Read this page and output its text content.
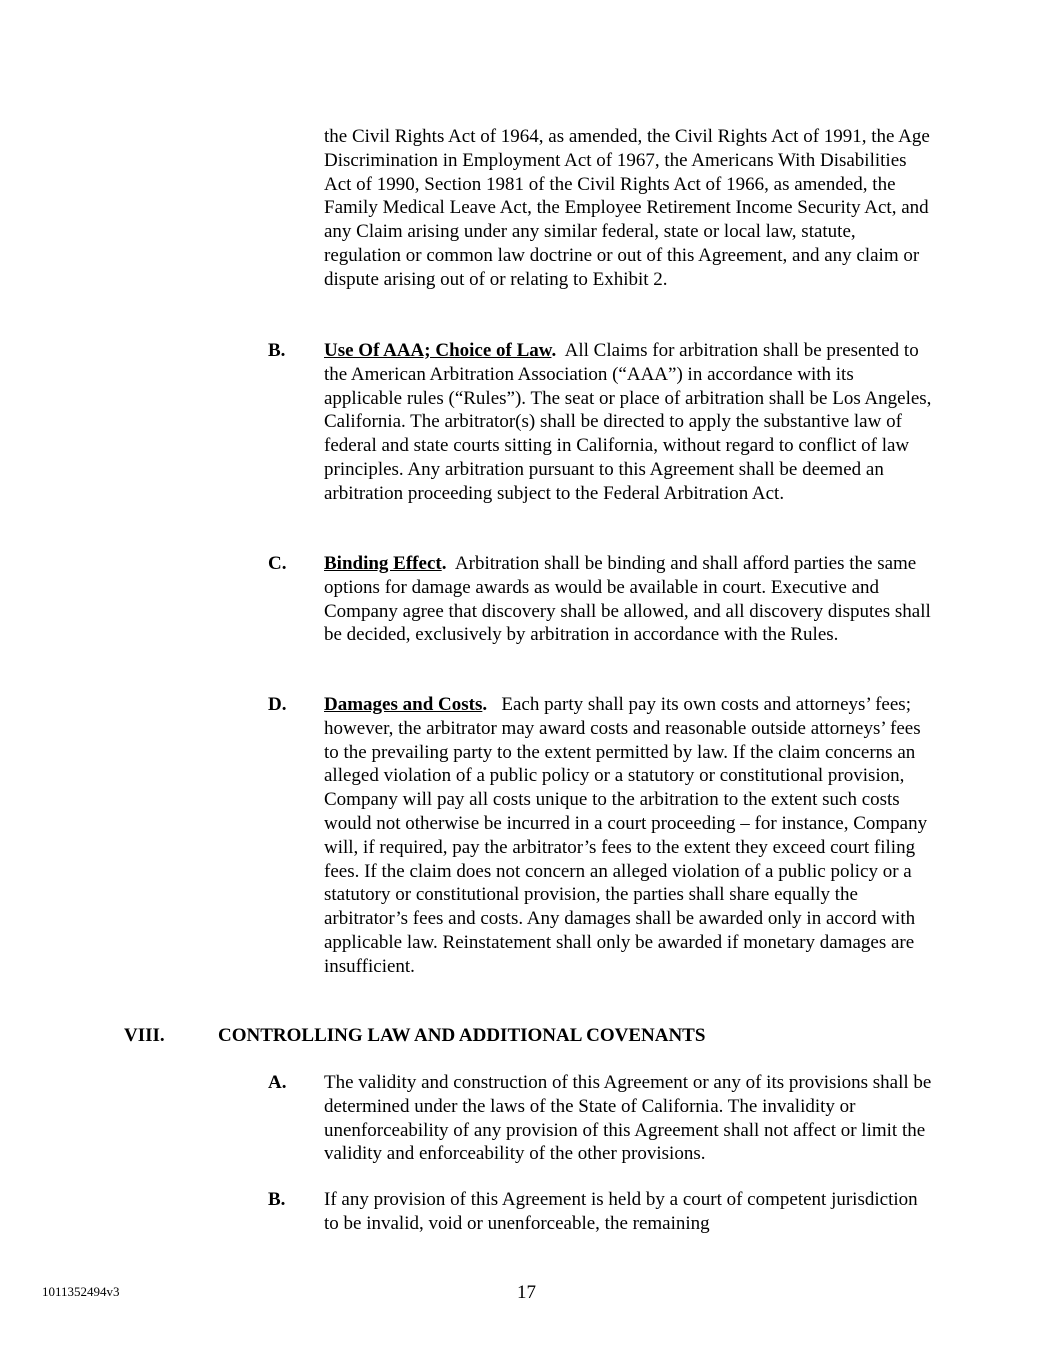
the Civil Rights Act of 1964, as amended, the Civil Rights Act of 1991, the Age Discrimination in Employment Act of 1967, the Americans With Disabilities Act of 1990, Section 1981 of the Civil Rights Act of 1966, as amended, the Family Medical Leave Act, the Employee Retirement Income Security Act, and any Claim arising under any similar federal, state or local law, statute, regulation or common law doctrine or out of this Agreement, and any claim or dispute arising out of or relating to Exhibit 2.
B. Use Of AAA; Choice of Law. All Claims for arbitration shall be presented to the American Arbitration Association (“AAA”) in accordance with its applicable rules (“Rules”). The seat or place of arbitration shall be Los Angeles, California. The arbitrator(s) shall be directed to apply the substantive law of federal and state courts sitting in California, without regard to conflict of law principles. Any arbitration pursuant to this Agreement shall be deemed an arbitration proceeding subject to the Federal Arbitration Act.
C. Binding Effect. Arbitration shall be binding and shall afford parties the same options for damage awards as would be available in court. Executive and Company agree that discovery shall be allowed, and all discovery disputes shall be decided, exclusively by arbitration in accordance with the Rules.
D. Damages and Costs. Each party shall pay its own costs and attorneys’ fees; however, the arbitrator may award costs and reasonable outside attorneys’ fees to the prevailing party to the extent permitted by law. If the claim concerns an alleged violation of a public policy or a statutory or constitutional provision, Company will pay all costs unique to the arbitration to the extent such costs would not otherwise be incurred in a court proceeding – for instance, Company will, if required, pay the arbitrator’s fees to the extent they exceed court filing fees. If the claim does not concern an alleged violation of a public policy or a statutory or constitutional provision, the parties shall share equally the arbitrator’s fees and costs. Any damages shall be awarded only in accord with applicable law. Reinstatement shall only be awarded if monetary damages are insufficient.
VIII.	CONTROLLING LAW AND ADDITIONAL COVENANTS
A. The validity and construction of this Agreement or any of its provisions shall be determined under the laws of the State of California. The invalidity or unenforceability of any provision of this Agreement shall not affect or limit the validity and enforceability of the other provisions.
B. If any provision of this Agreement is held by a court of competent jurisdiction to be invalid, void or unenforceable, the remaining
1011352494v3	17
